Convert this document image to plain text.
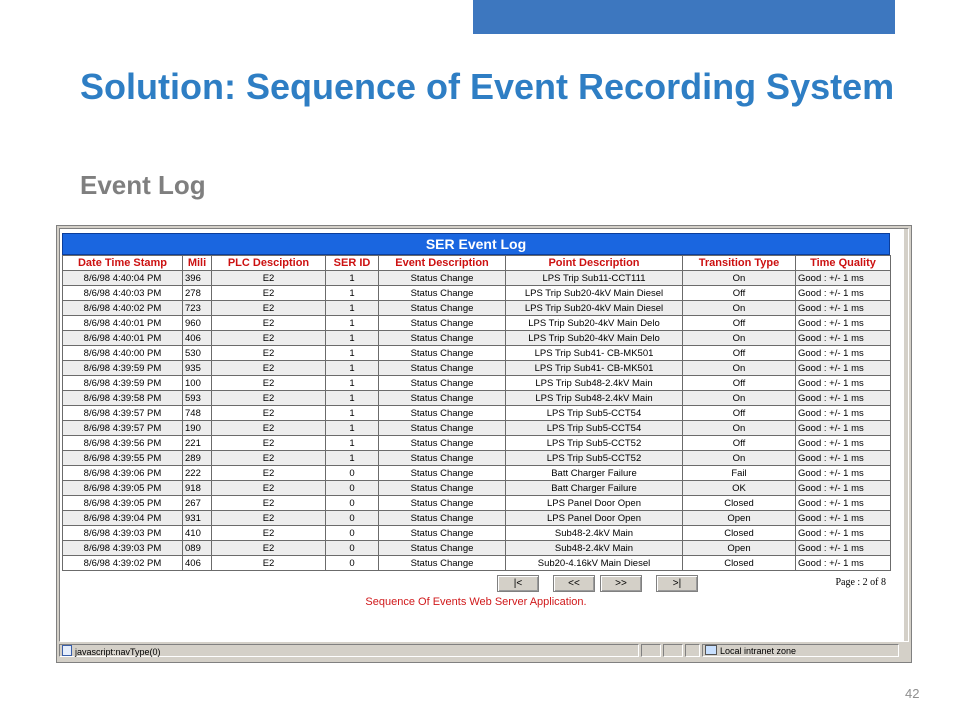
Solution: Sequence of Event Recording System
Event Log
SER Event Log
Date Time Stamp	Mili	PLC Desciption	SER ID	Event Description	Point Description	Transition Type	Time Quality
8/6/98 4:40:04 PM	396	E2	1	Status Change	LPS Trip Sub11-CCT111	On	Good : +/- 1 ms
8/6/98 4:40:03 PM	278	E2	1	Status Change	LPS Trip Sub20-4kV Main Diesel	Off	Good : +/- 1 ms
8/6/98 4:40:02 PM	723	E2	1	Status Change	LPS Trip Sub20-4kV Main Diesel	On	Good : +/- 1 ms
8/6/98 4:40:01 PM	960	E2	1	Status Change	LPS Trip Sub20-4kV Main Delo	Off	Good : +/- 1 ms
8/6/98 4:40:01 PM	406	E2	1	Status Change	LPS Trip Sub20-4kV Main Delo	On	Good : +/- 1 ms
8/6/98 4:40:00 PM	530	E2	1	Status Change	LPS Trip Sub41- CB-MK501	Off	Good : +/- 1 ms
8/6/98 4:39:59 PM	935	E2	1	Status Change	LPS Trip Sub41- CB-MK501	On	Good : +/- 1 ms
8/6/98 4:39:59 PM	100	E2	1	Status Change	LPS Trip Sub48-2.4kV Main	Off	Good : +/- 1 ms
8/6/98 4:39:58 PM	593	E2	1	Status Change	LPS Trip Sub48-2.4kV Main	On	Good : +/- 1 ms
8/6/98 4:39:57 PM	748	E2	1	Status Change	LPS Trip Sub5-CCT54	Off	Good : +/- 1 ms
8/6/98 4:39:57 PM	190	E2	1	Status Change	LPS Trip Sub5-CCT54	On	Good : +/- 1 ms
8/6/98 4:39:56 PM	221	E2	1	Status Change	LPS Trip Sub5-CCT52	Off	Good : +/- 1 ms
8/6/98 4:39:55 PM	289	E2	1	Status Change	LPS Trip Sub5-CCT52	On	Good : +/- 1 ms
8/6/98 4:39:06 PM	222	E2	0	Status Change	Batt Charger Failure	Fail	Good : +/- 1 ms
8/6/98 4:39:05 PM	918	E2	0	Status Change	Batt Charger Failure	OK	Good : +/- 1 ms
8/6/98 4:39:05 PM	267	E2	0	Status Change	LPS Panel Door Open	Closed	Good : +/- 1 ms
8/6/98 4:39:04 PM	931	E2	0	Status Change	LPS Panel Door Open	Open	Good : +/- 1 ms
8/6/98 4:39:03 PM	410	E2	0	Status Change	Sub48-2.4kV Main	Closed	Good : +/- 1 ms
8/6/98 4:39:03 PM	089	E2	0	Status Change	Sub48-2.4kV Main	Open	Good : +/- 1 ms
8/6/98 4:39:02 PM	406	E2	0	Status Change	Sub20-4.16kV Main Diesel	Closed	Good : +/- 1 ms
|<	<<	>>	>|	Page : 2 of 8
Sequence Of Events Web Server Application.
javascript:navType(0)	Local intranet zone
42
